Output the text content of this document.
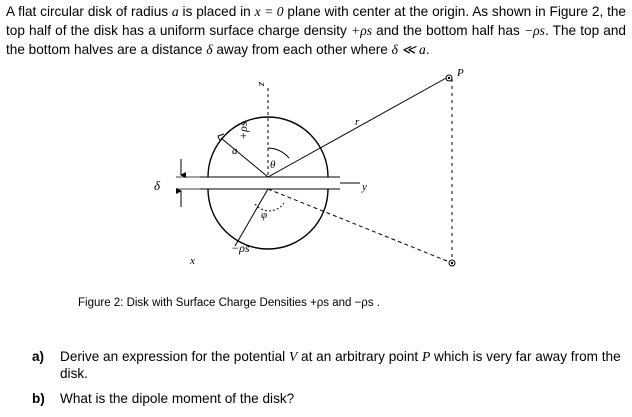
A flat circular disk of radius a is placed in x = 0 plane with center at the origin. As shown in Figure 2, the top half of the disk has a uniform surface charge density +ρs and the bottom half has −ρs. The top and the bottom halves are a distance δ away from each other where δ ≪ a.
z
+ρs	r
P
a
θ
δ	y
φ
x
−ρs
Figure 2: Disk with Surface Charge Densities +ρs and −ρs .
a) Derive an expression for the potential V at an arbitrary point P which is very far away from the disk.
b) What is the dipole moment of the disk?
